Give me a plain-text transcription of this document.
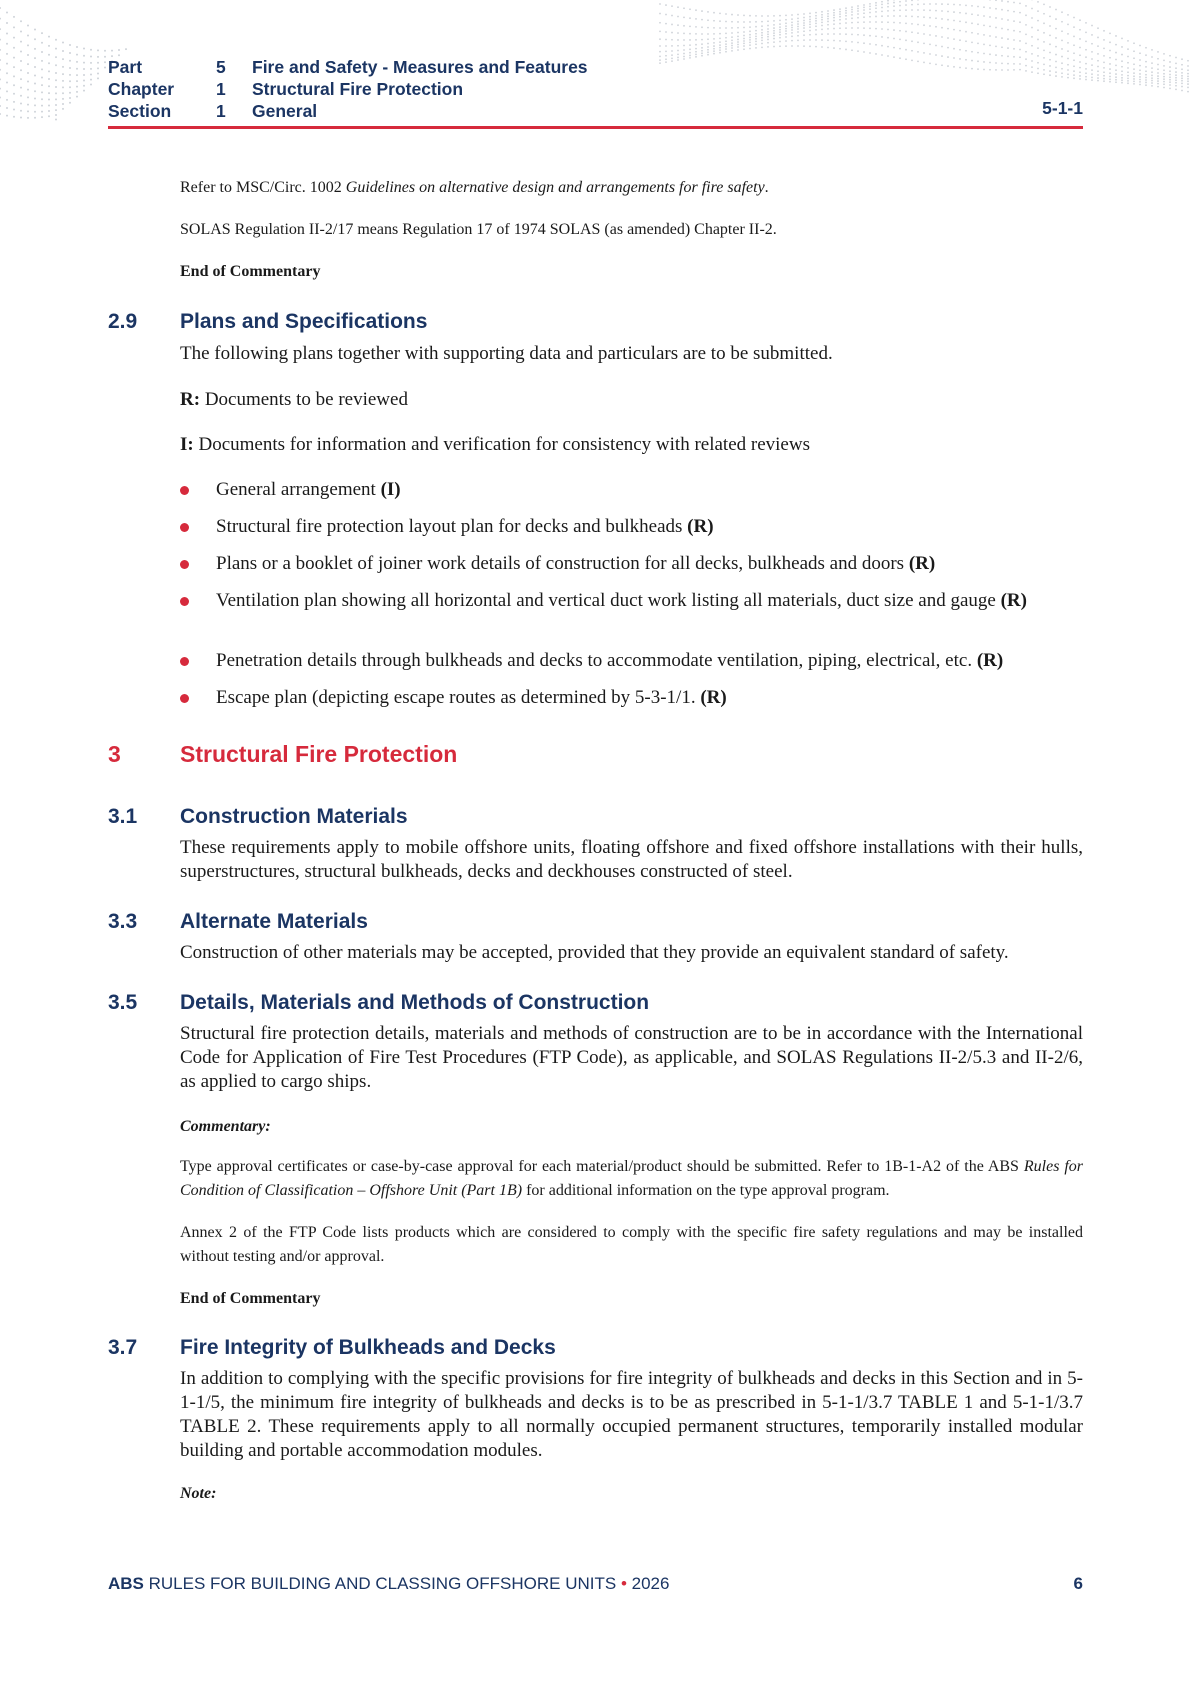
Part	5 Fire and Safety - Measures and Features
Chapter 1 Structural Fire Protection
Section	1 General	5-1-1
Refer to MSC/Circ. 1002 Guidelines on alternative design and arrangements for fire safety.
SOLAS Regulation II-2/17 means Regulation 17 of 1974 SOLAS (as amended) Chapter II-2.
End of Commentary
2.9 Plans and Specifications
The following plans together with supporting data and particulars are to be submitted.
R: Documents to be reviewed
I: Documents for information and verification for consistency with related reviews
General arrangement (I)
Structural fire protection layout plan for decks and bulkheads (R)
Plans or a booklet of joiner work details of construction for all decks, bulkheads and doors (R)
Ventilation plan showing all horizontal and vertical duct work listing all materials, duct size and gauge (R)
Penetration details through bulkheads and decks to accommodate ventilation, piping, electrical, etc. (R)
Escape plan (depicting escape routes as determined by 5-3-1/1. (R)
3	Structural Fire Protection
3.1 Construction Materials
These requirements apply to mobile offshore units, floating offshore and fixed offshore installations with their hulls, superstructures, structural bulkheads, decks and deckhouses constructed of steel.
3.3 Alternate Materials
Construction of other materials may be accepted, provided that they provide an equivalent standard of safety.
3.5 Details, Materials and Methods of Construction
Structural fire protection details, materials and methods of construction are to be in accordance with the International Code for Application of Fire Test Procedures (FTP Code), as applicable, and SOLAS Regulations II-2/5.3 and II-2/6, as applied to cargo ships.
Commentary:
Type approval certificates or case-by-case approval for each material/product should be submitted. Refer to 1B-1-A2 of the ABS Rules for Condition of Classification – Offshore Unit (Part 1B) for additional information on the type approval program.
Annex 2 of the FTP Code lists products which are considered to comply with the specific fire safety regulations and may be installed without testing and/or approval.
End of Commentary
3.7 Fire Integrity of Bulkheads and Decks
In addition to complying with the specific provisions for fire integrity of bulkheads and decks in this Section and in 5-1-1/5, the minimum fire integrity of bulkheads and decks is to be as prescribed in 5-1-1/3.7 TABLE 1 and 5-1-1/3.7 TABLE 2. These requirements apply to all normally occupied permanent structures, temporarily installed modular building and portable accommodation modules.
Note:
ABS RULES FOR BUILDING AND CLASSING OFFSHORE UNITS • 2026	6
